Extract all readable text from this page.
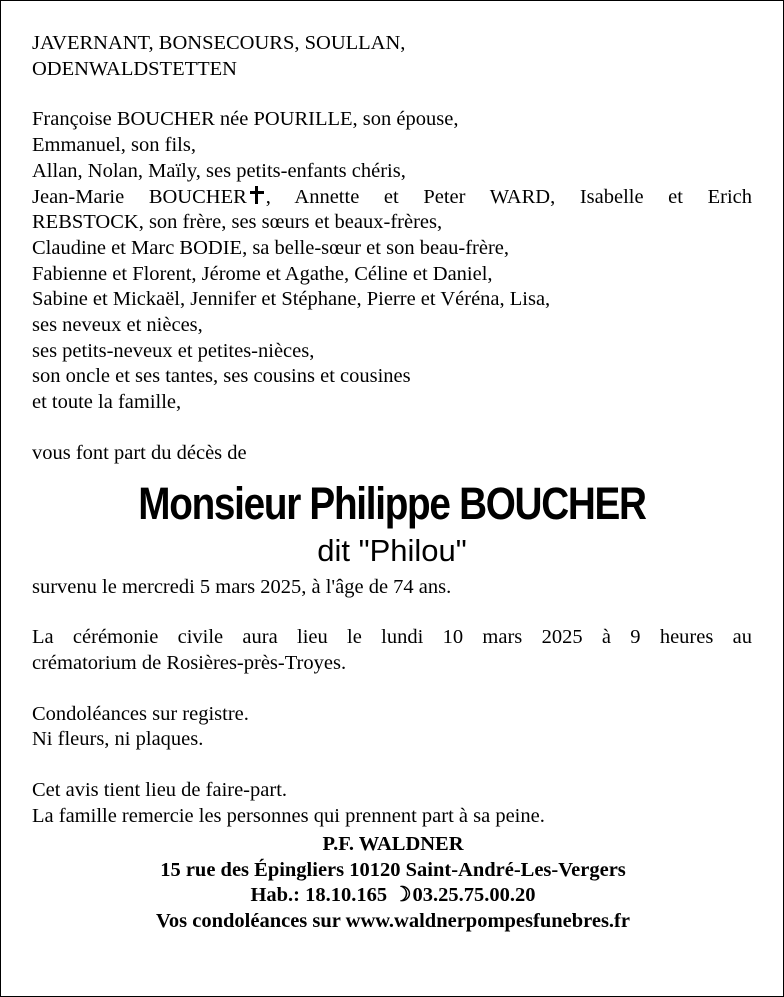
JAVERNANT, BONSECOURS, SOULLAN,
ODENWALDSTETTEN
Françoise BOUCHER née POURILLE, son épouse,
Emmanuel, son fils,
Allan, Nolan, Maïly, ses petits-enfants chéris,
Jean-Marie BOUCHER , Annette et Peter WARD, Isabelle et Erich
REBSTOCK, son frère, ses sœurs et beaux-frères,
Claudine et Marc BODIE, sa belle-sœur et son beau-frère,
Fabienne et Florent, Jérome et Agathe, Céline et Daniel,
Sabine et Mickaël, Jennifer et Stéphane, Pierre et Véréna, Lisa,
ses neveux et nièces,
ses petits-neveux et petites-nièces,
son oncle et ses tantes, ses cousins et cousines
et toute la famille,
vous font part du décès de
Monsieur Philippe BOUCHER
dit "Philou"
survenu le mercredi 5 mars 2025, à l'âge de 74 ans.
La cérémonie civile aura lieu le lundi 10 mars 2025 à 9 heures au
crématorium de Rosières-près-Troyes.
Condoléances sur registre.
Ni fleurs, ni plaques.
Cet avis tient lieu de faire-part.
La famille remercie les personnes qui prennent part à sa peine.
P.F. WALDNER
15 rue des Épingliers 10120 Saint-André-Les-Vergers
Hab.: 18.10.165 ☽03.25.75.00.20
Vos condoléances sur www.waldnerpompesfunebres.fr
